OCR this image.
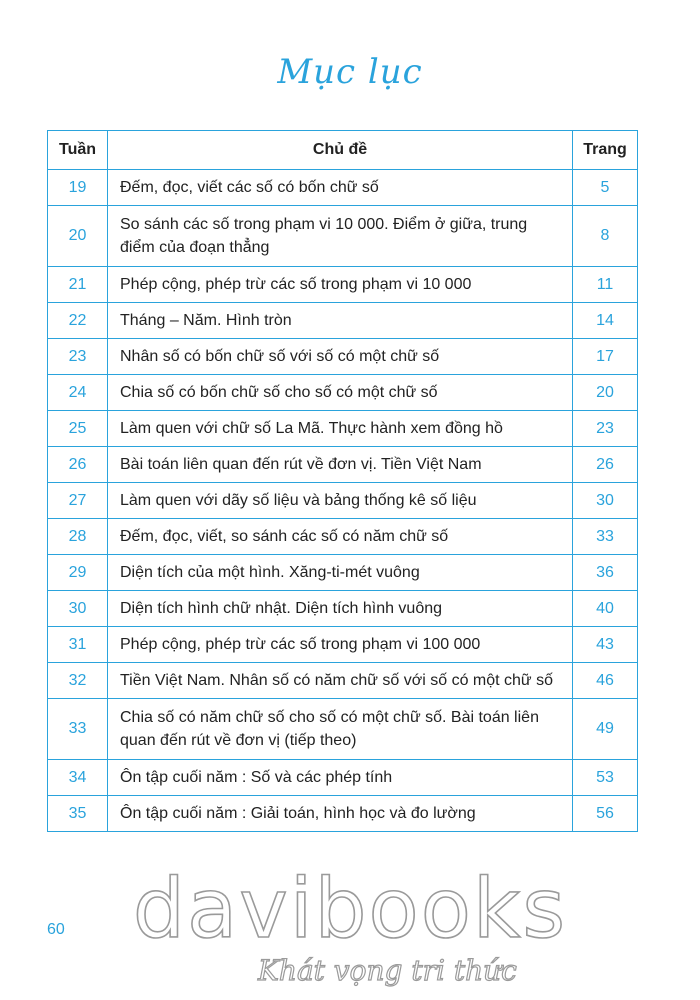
Mục lục
Tuần	Chủ đề	Trang
19	Đếm, đọc, viết các số có bốn chữ số	5
20	So sánh các số trong phạm vi 10 000. Điểm ở giữa, trung điểm của đoạn thẳng	8
21	Phép cộng, phép trừ các số trong phạm vi 10 000	11
22	Tháng – Năm. Hình tròn	14
23	Nhân số có bốn chữ số với số có một chữ số	17
24	Chia số có bốn chữ số cho số có một chữ số	20
25	Làm quen với chữ số La Mã. Thực hành xem đồng hồ	23
26	Bài toán liên quan đến rút về đơn vị. Tiền Việt Nam	26
27	Làm quen với dãy số liệu và bảng thống kê số liệu	30
28	Đếm, đọc, viết, so sánh các số có năm chữ số	33
29	Diện tích của một hình. Xăng-ti-mét vuông	36
30	Diện tích hình chữ nhật. Diện tích hình vuông	40
31	Phép cộng, phép trừ các số trong phạm vi 100 000	43
32	Tiền Việt Nam. Nhân số có năm chữ số với số có một chữ số	46
33	Chia số có năm chữ số cho số có một chữ số. Bài toán liên quan đến rút về đơn vị (tiếp theo)	49
34	Ôn tập cuối năm : Số và các phép tính	53
35	Ôn tập cuối năm : Giải toán, hình học và đo lường	56
60 davibooks
Khát vọng tri thức
